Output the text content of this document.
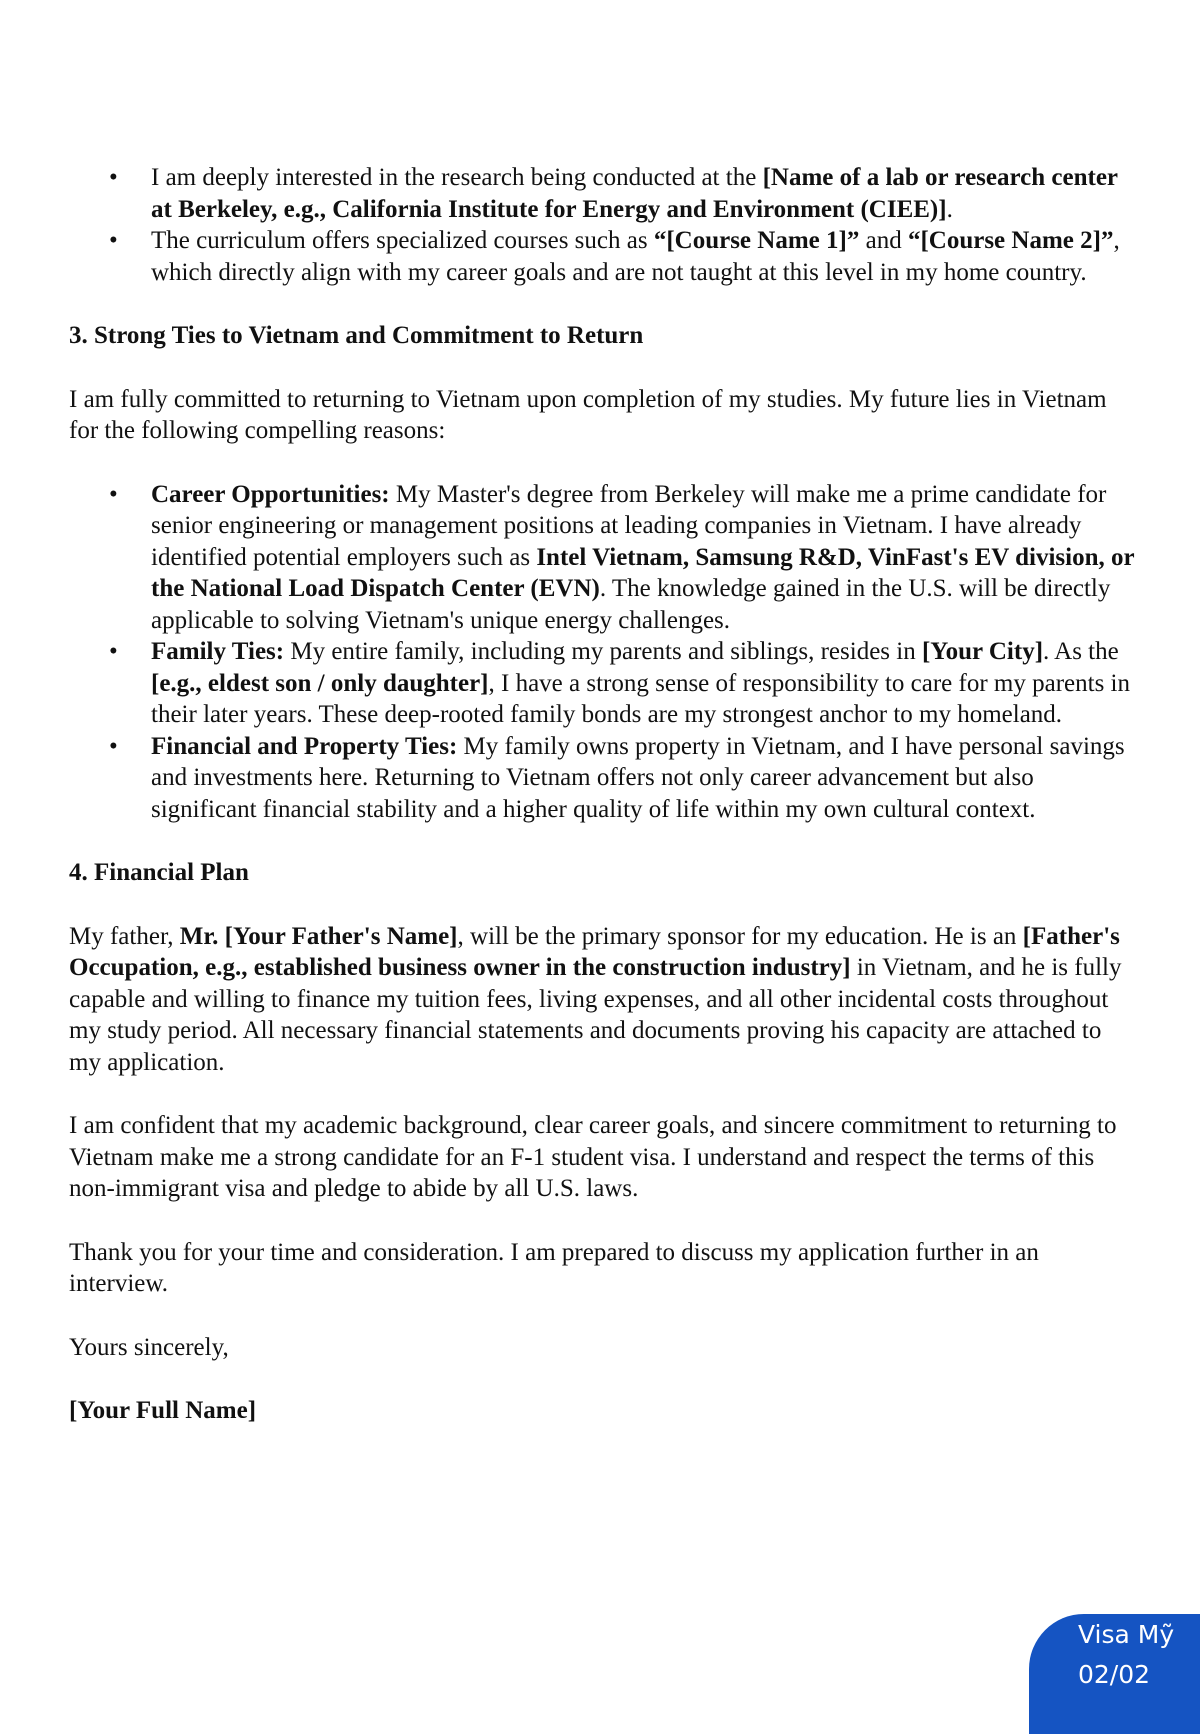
• I am deeply interested in the research being conducted at the [Name of a lab or research center at Berkeley, e.g., California Institute for Energy and Environment (CIEE)].
• The curriculum offers specialized courses such as “[Course Name 1]” and “[Course Name 2]”, which directly align with my career goals and are not taught at this level in my home country.
3. Strong Ties to Vietnam and Commitment to Return

I am fully committed to returning to Vietnam upon completion of my studies. My future lies in Vietnam for the following compelling reasons:

• Career Opportunities: My Master's degree from Berkeley will make me a prime candidate for senior engineering or management positions at leading companies in Vietnam. I have already identified potential employers such as Intel Vietnam, Samsung R&D, VinFast's EV division, or the National Load Dispatch Center (EVN). The knowledge gained in the U.S. will be directly applicable to solving Vietnam's unique energy challenges.
• Family Ties: My entire family, including my parents and siblings, resides in [Your City]. As the [e.g., eldest son / only daughter], I have a strong sense of responsibility to care for my parents in their later years. These deep-rooted family bonds are my strongest anchor to my homeland.
• Financial and Property Ties: My family owns property in Vietnam, and I have personal savings and investments here. Returning to Vietnam offers not only career advancement but also significant financial stability and a higher quality of life within my own cultural context.
4. Financial Plan

My father, Mr. [Your Father's Name], will be the primary sponsor for my education. He is an [Father's Occupation, e.g., established business owner in the construction industry] in Vietnam, and he is fully capable and willing to finance my tuition fees, living expenses, and all other incidental costs throughout my study period. All necessary financial statements and documents proving his capacity are attached to my application.

I am confident that my academic background, clear career goals, and sincere commitment to returning to Vietnam make me a strong candidate for an F-1 student visa. I understand and respect the terms of this non-immigrant visa and pledge to abide by all U.S. laws.

Thank you for your time and consideration. I am prepared to discuss my application further in an interview.

Yours sincerely,

[Your Full Name]

Visa Mỹ
02/02
